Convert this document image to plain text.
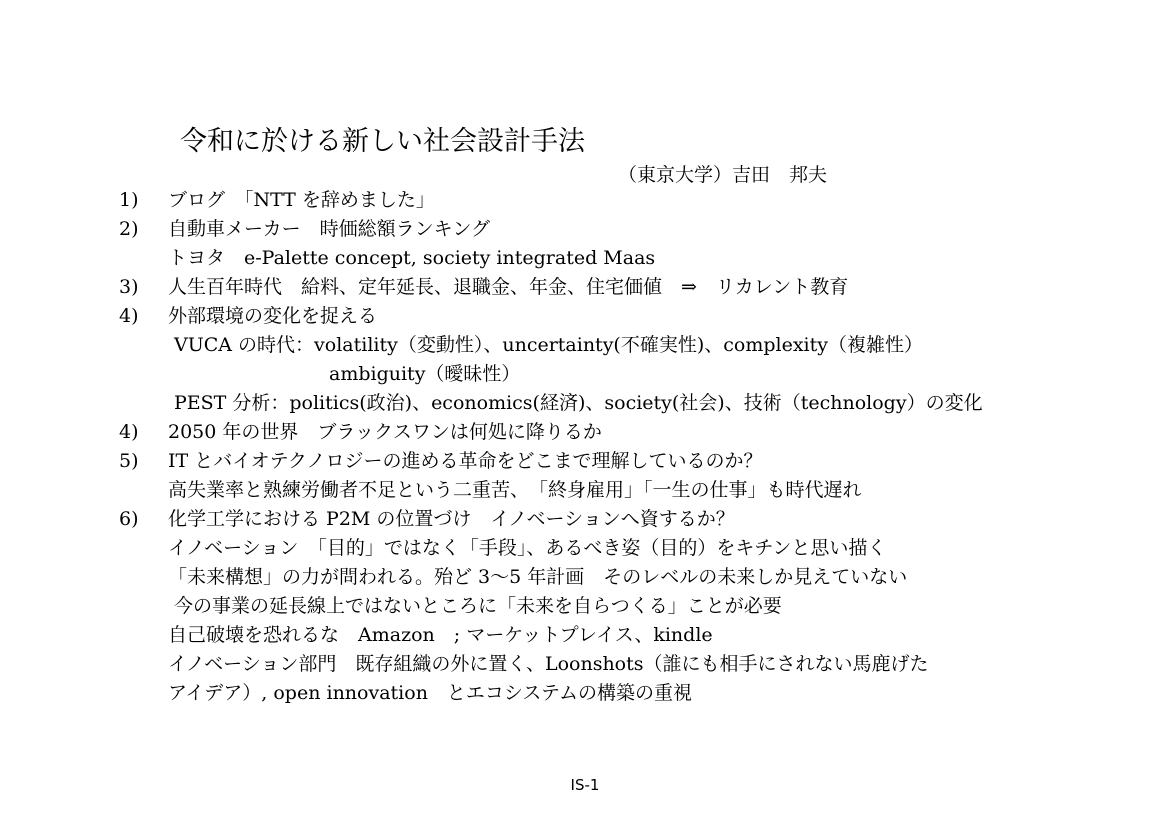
令和に於ける新しい社会設計手法
（東京大学）吉田　邦夫
1) ブログ　「NTT を辞めました」
2) 自動車メーカー　時価総額ランキング
トヨタ　e-Palette concept, society integrated Maas
3) 人生百年時代　給料、定年延長、退職金、年金、住宅価値　⇒　リカレント教育
4) 外部環境の変化を捉える
VUCA の時代：volatility（変動性）、uncertainty(不確実性)、complexity（複雑性）
ambiguity（曖昧性）
PEST 分析：politics(政治)、economics(経済)、society(社会)、技術（technology）の変化
4) 2050 年の世界　ブラックスワンは何処に降りるか
5) IT とバイオテクノロジーの進める革命をどこまで理解しているのか？
高失業率と熟練労働者不足という二重苦、　「終身雇用」「一生の仕事」も時代遅れ
6) 化学工学における P2M の位置づけ　イノベーションへ資するか？
イノベーション　「目的」ではなく「手段」、あるべき姿（目的）をキチンと思い描く
「未来構想」の力が問われる。殆ど 3～5 年計画　そのレベルの未来しか見えていない
今の事業の延長線上ではないところに「未来を自らつくる」ことが必要
自己破壊を恐れるな　Amazon　; マーケットプレイス、kindle
イノベーション部門　既存組織の外に置く、Loonshots（誰にも相手にされない馬鹿げた
アイデア）, open innovation　とエコシステムの構築の重視
IS-1
